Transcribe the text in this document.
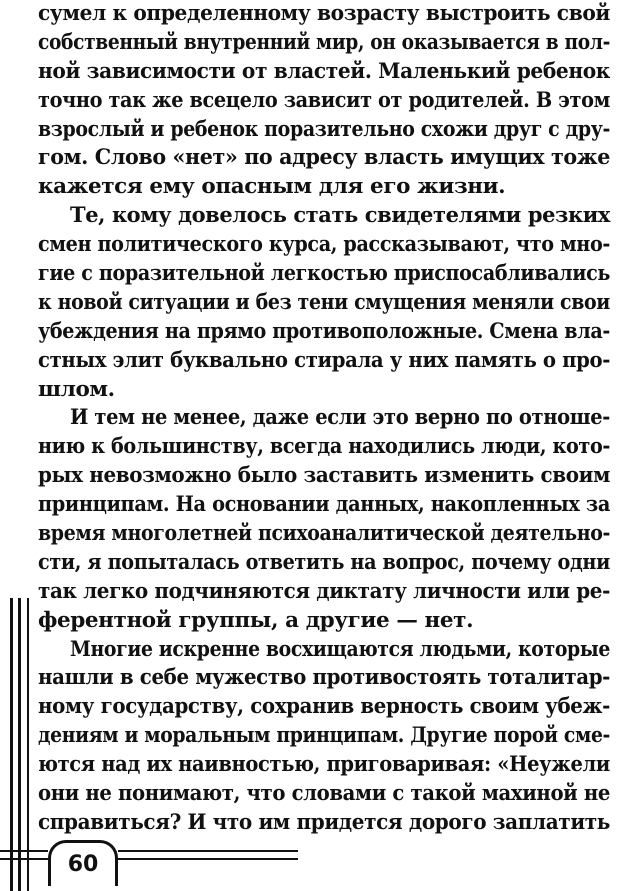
сумел к определенному возрасту выстроить свой
собственный внутренний мир, он оказывается в пол-
ной зависимости от властей. Маленький ребенок
точно так же всецело зависит от родителей. В этом
взрослый и ребенок поразительно схожи друг с дру-
гом. Слово «нет» по адресу власть имущих тоже
кажется ему опасным для его жизни.
Те, кому довелось стать свидетелями резких
смен политического курса, рассказывают, что мно-
гие с поразительной легкостью приспосабливались
к новой ситуации и без тени смущения меняли свои
убеждения на прямо противоположные. Смена вла-
стных элит буквально стирала у них память о про-
шлом.
И тем не менее, даже если это верно по отноше-
нию к большинству, всегда находились люди, кото-
рых невозможно было заставить изменить своим
принципам. На основании данных, накопленных за
время многолетней психоаналитической деятельно-
сти, я попыталась ответить на вопрос, почему одни
так легко подчиняются диктату личности или ре-
ферентной группы, а другие — нет.
Многие искренне восхищаются людьми, которые
нашли в себе мужество противостоять тоталитар-
ному государству, сохранив верность своим убеж-
дениям и моральным принципам. Другие порой сме-
ются над их наивностью, приговаривая: «Неужели
они не понимают, что словами с такой махиной не
справиться? И что им придется дорого заплатить
60
